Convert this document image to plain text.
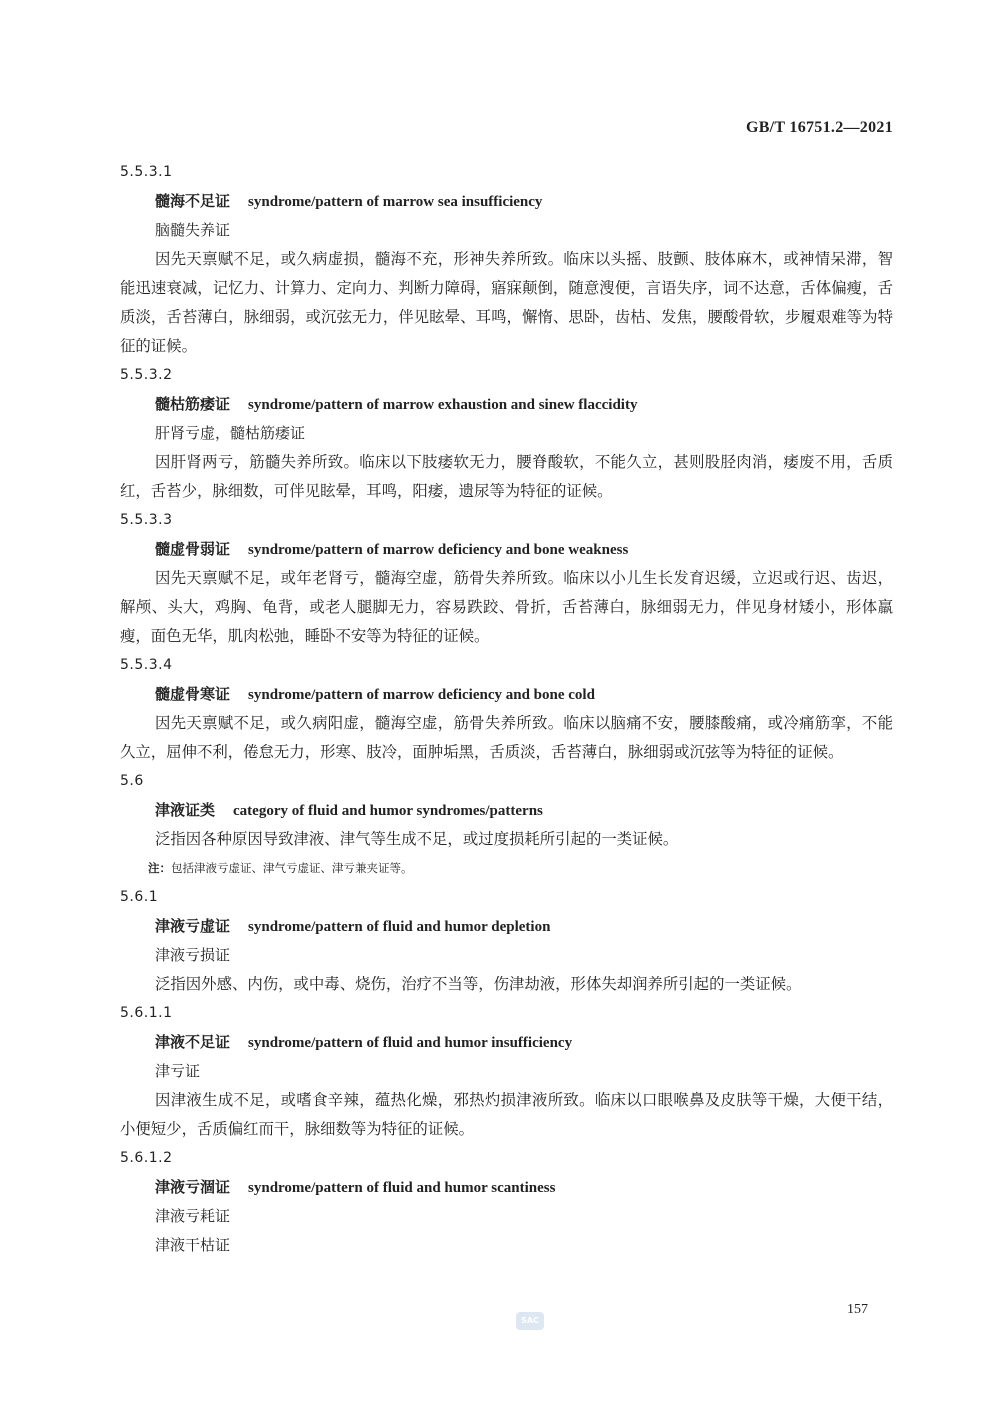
GB/T 16751.2—2021
5.5.3.1
髓海不足证 syndrome/pattern of marrow sea insufficiency
脑髓失养证
因先天禀赋不足，或久病虚损，髓海不充，形神失养所致。临床以头摇、肢颤、肢体麻木，或神情呆滞，智能迅速衰减，记忆力、计算力、定向力、判断力障碍，寤寐颠倒，随意溲便，言语失序，词不达意，舌体偏瘦，舌质淡，舌苔薄白，脉细弱，或沉弦无力，伴见眩晕、耳鸣，懈惰、思卧，齿枯、发焦，腰酸骨软，步履艰难等为特征的证候。
5.5.3.2
髓枯筋痿证 syndrome/pattern of marrow exhaustion and sinew flaccidity
肝肾亏虚，髓枯筋痿证
因肝肾两亏，筋髓失养所致。临床以下肢痿软无力，腰脊酸软，不能久立，甚则股胫肉消，痿废不用，舌质红，舌苔少，脉细数，可伴见眩晕，耳鸣，阳痿，遗尿等为特征的证候。
5.5.3.3
髓虚骨弱证 syndrome/pattern of marrow deficiency and bone weakness
因先天禀赋不足，或年老肾亏，髓海空虚，筋骨失养所致。临床以小儿生长发育迟缓，立迟或行迟、齿迟，解颅、头大，鸡胸、龟背，或老人腿脚无力，容易跌跤、骨折，舌苔薄白，脉细弱无力，伴见身材矮小，形体羸瘦，面色无华，肌肉松弛，睡卧不安等为特征的证候。
5.5.3.4
髓虚骨寒证 syndrome/pattern of marrow deficiency and bone cold
因先天禀赋不足，或久病阳虚，髓海空虚，筋骨失养所致。临床以脑痛不安，腰膝酸痛，或冷痛筋挛，不能久立，屈伸不利，倦怠无力，形寒、肢冷，面肿垢黑，舌质淡，舌苔薄白，脉细弱或沉弦等为特征的证候。
5.6
津液证类 category of fluid and humor syndromes/patterns
泛指因各种原因导致津液、津气等生成不足，或过度损耗所引起的一类证候。
注：包括津液亏虚证、津气亏虚证、津亏兼夹证等。
5.6.1
津液亏虚证 syndrome/pattern of fluid and humor depletion
津液亏损证
泛指因外感、内伤，或中毒、烧伤，治疗不当等，伤津劫液，形体失却润养所引起的一类证候。
5.6.1.1
津液不足证 syndrome/pattern of fluid and humor insufficiency
津亏证
因津液生成不足，或嗜食辛辣，蕴热化燥，邪热灼损津液所致。临床以口眼喉鼻及皮肤等干燥，大便干结，小便短少，舌质偏红而干，脉细数等为特征的证候。
5.6.1.2
津液亏涸证 syndrome/pattern of fluid and humor scantiness
津液亏耗证
津液干枯证
SAC
157
